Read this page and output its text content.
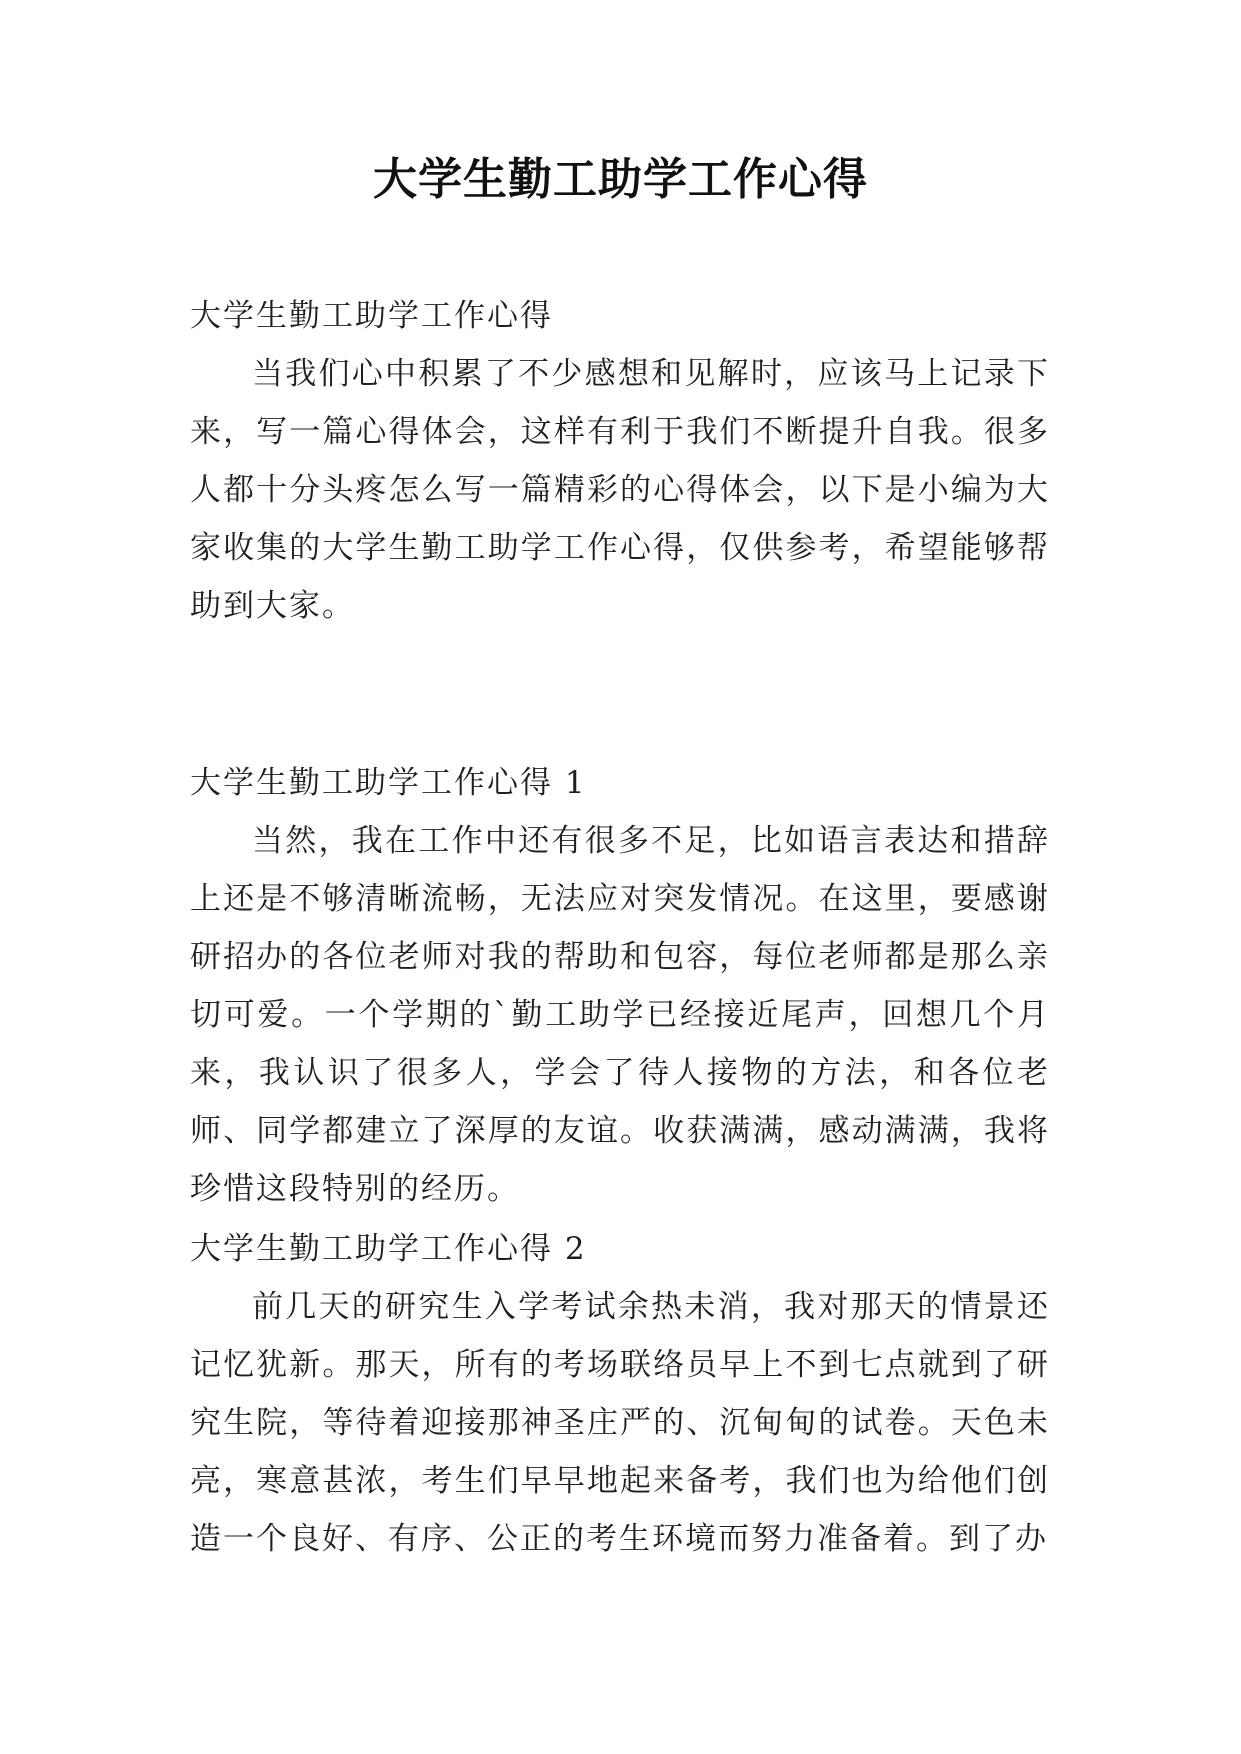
大学生勤工助学工作心得
大学生勤工助学工作心得

当我们心中积累了不少感想和见解时，应该马上记录下来，写一篇心得体会，这样有利于我们不断提升自我。很多人都十分头疼怎么写一篇精彩的心得体会，以下是小编为大家收集的大学生勤工助学工作心得，仅供参考，希望能够帮助到大家。

大学生勤工助学工作心得 1

当然，我在工作中还有很多不足，比如语言表达和措辞上还是不够清晰流畅，无法应对突发情况。在这里，要感谢研招办的各位老师对我的帮助和包容，每位老师都是那么亲切可爱。一个学期的`勤工助学已经接近尾声，回想几个月来，我认识了很多人，学会了待人接物的方法，和各位老师、同学都建立了深厚的友谊。收获满满，感动满满，我将珍惜这段特别的经历。

大学生勤工助学工作心得 2

前几天的研究生入学考试余热未消，我对那天的情景还记忆犹新。那天，所有的考场联络员早上不到七点就到了研究生院，等待着迎接那神圣庄严的、沉甸甸的试卷。天色未亮，寒意甚浓，考生们早早地起来备考，我们也为给他们创造一个良好、有序、公正的考生环境而努力准备着。到了办
